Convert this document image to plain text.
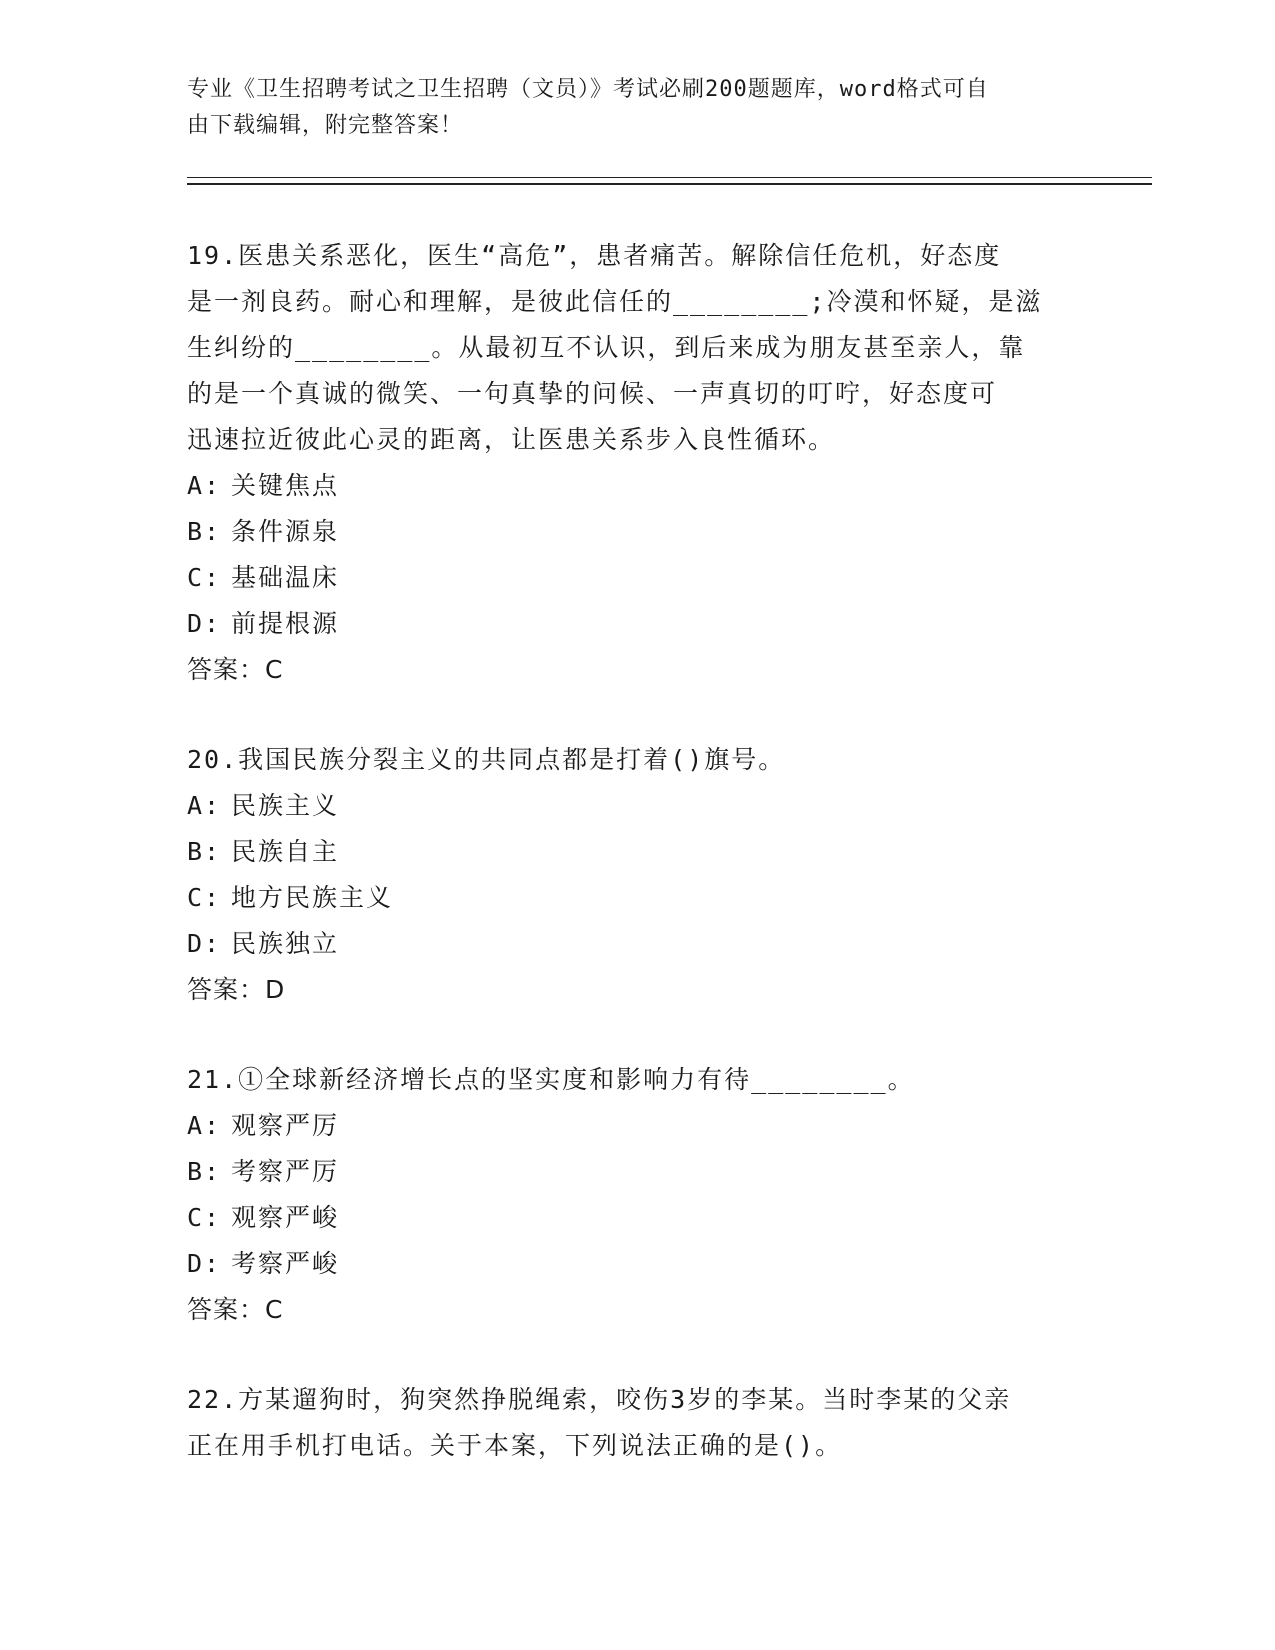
专业《卫生招聘考试之卫生招聘（文员）》考试必刷200题题库，word格式可自
由下载编辑，附完整答案！

19.医患关系恶化，医生“高危”，患者痛苦。解除信任危机，好态度

是一剂良药。耐心和理解，是彼此信任的________;冷漠和怀疑，是滋

生纠纷的________。从最初互不认识，到后来成为朋友甚至亲人，靠

的是一个真诚的微笑、一句真挚的问候、一声真切的叮咛，好态度可

迅速拉近彼此心灵的距离，让医患关系步入良性循环。

A: 关键焦点

B: 条件源泉

C: 基础温床

D: 前提根源

答案：C

20.我国民族分裂主义的共同点都是打着()旗号。

A: 民族主义

B: 民族自主

C: 地方民族主义

D: 民族独立

答案：D

21.①全球新经济增长点的坚实度和影响力有待________。

A: 观察严厉

B: 考察严厉

C: 观察严峻

D: 考察严峻

答案：C

22.方某遛狗时，狗突然挣脱绳索，咬伤3岁的李某。当时李某的父亲

正在用手机打电话。关于本案，下列说法正确的是()。
